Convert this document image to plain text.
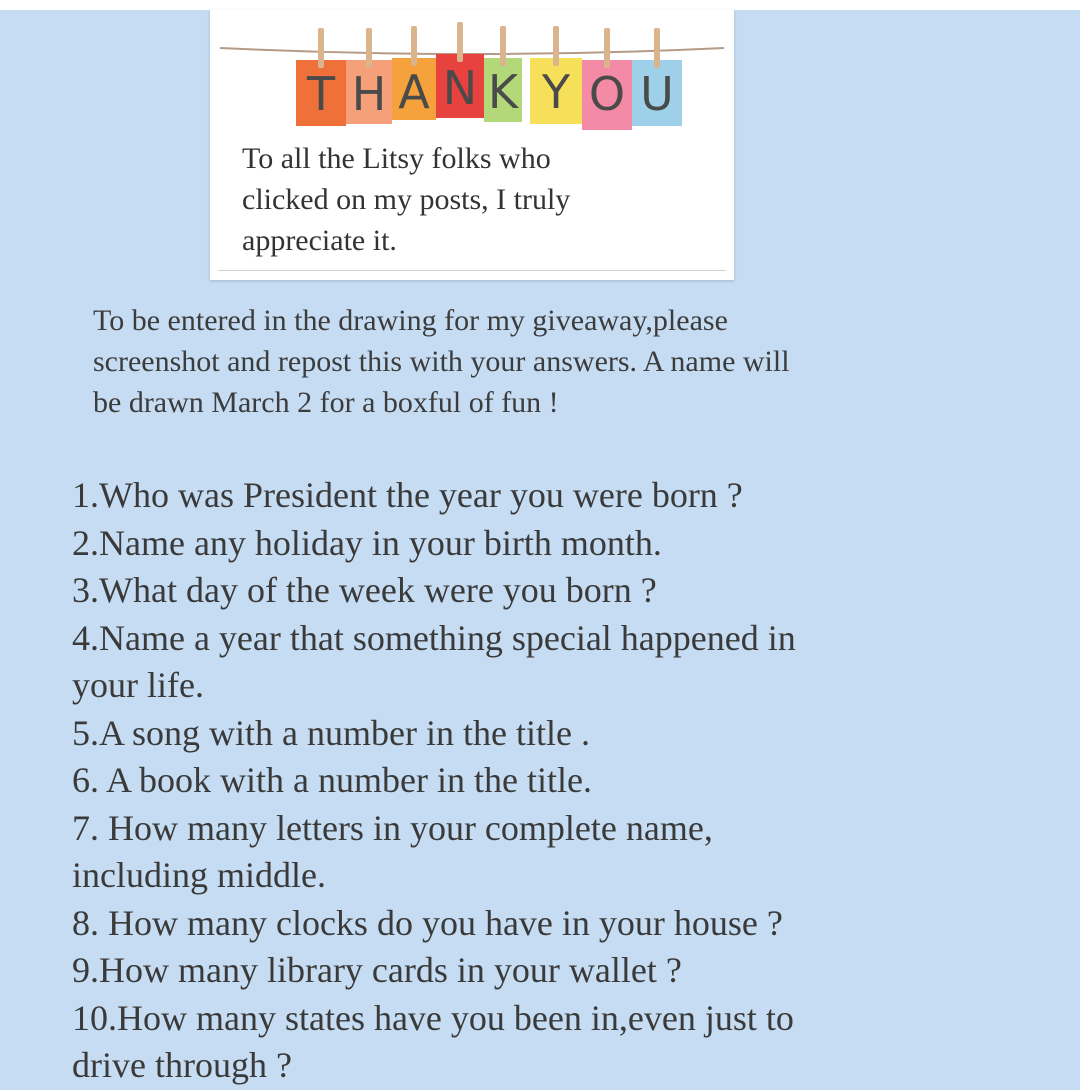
T H A N K Y O U

To all the Litsy folks who
clicked on my posts, I truly
appreciate it.

To be entered in the drawing for my giveaway,please
screenshot and repost this with your answers. A name will
be drawn March 2 for a boxful of fun !

1.Who was President the year you were born ?
2.Name any holiday in your birth month.
3.What day of the week were you born ?
4.Name a year that something special happened in
your life.
5.A song with a number in the title .
6. A book with a number in the title.
7. How many letters in your complete name,
including middle.
8. How many clocks do you have in your house ?
9.How many library cards in your wallet ?
10.How many states have you been in,even just to
drive through ?
